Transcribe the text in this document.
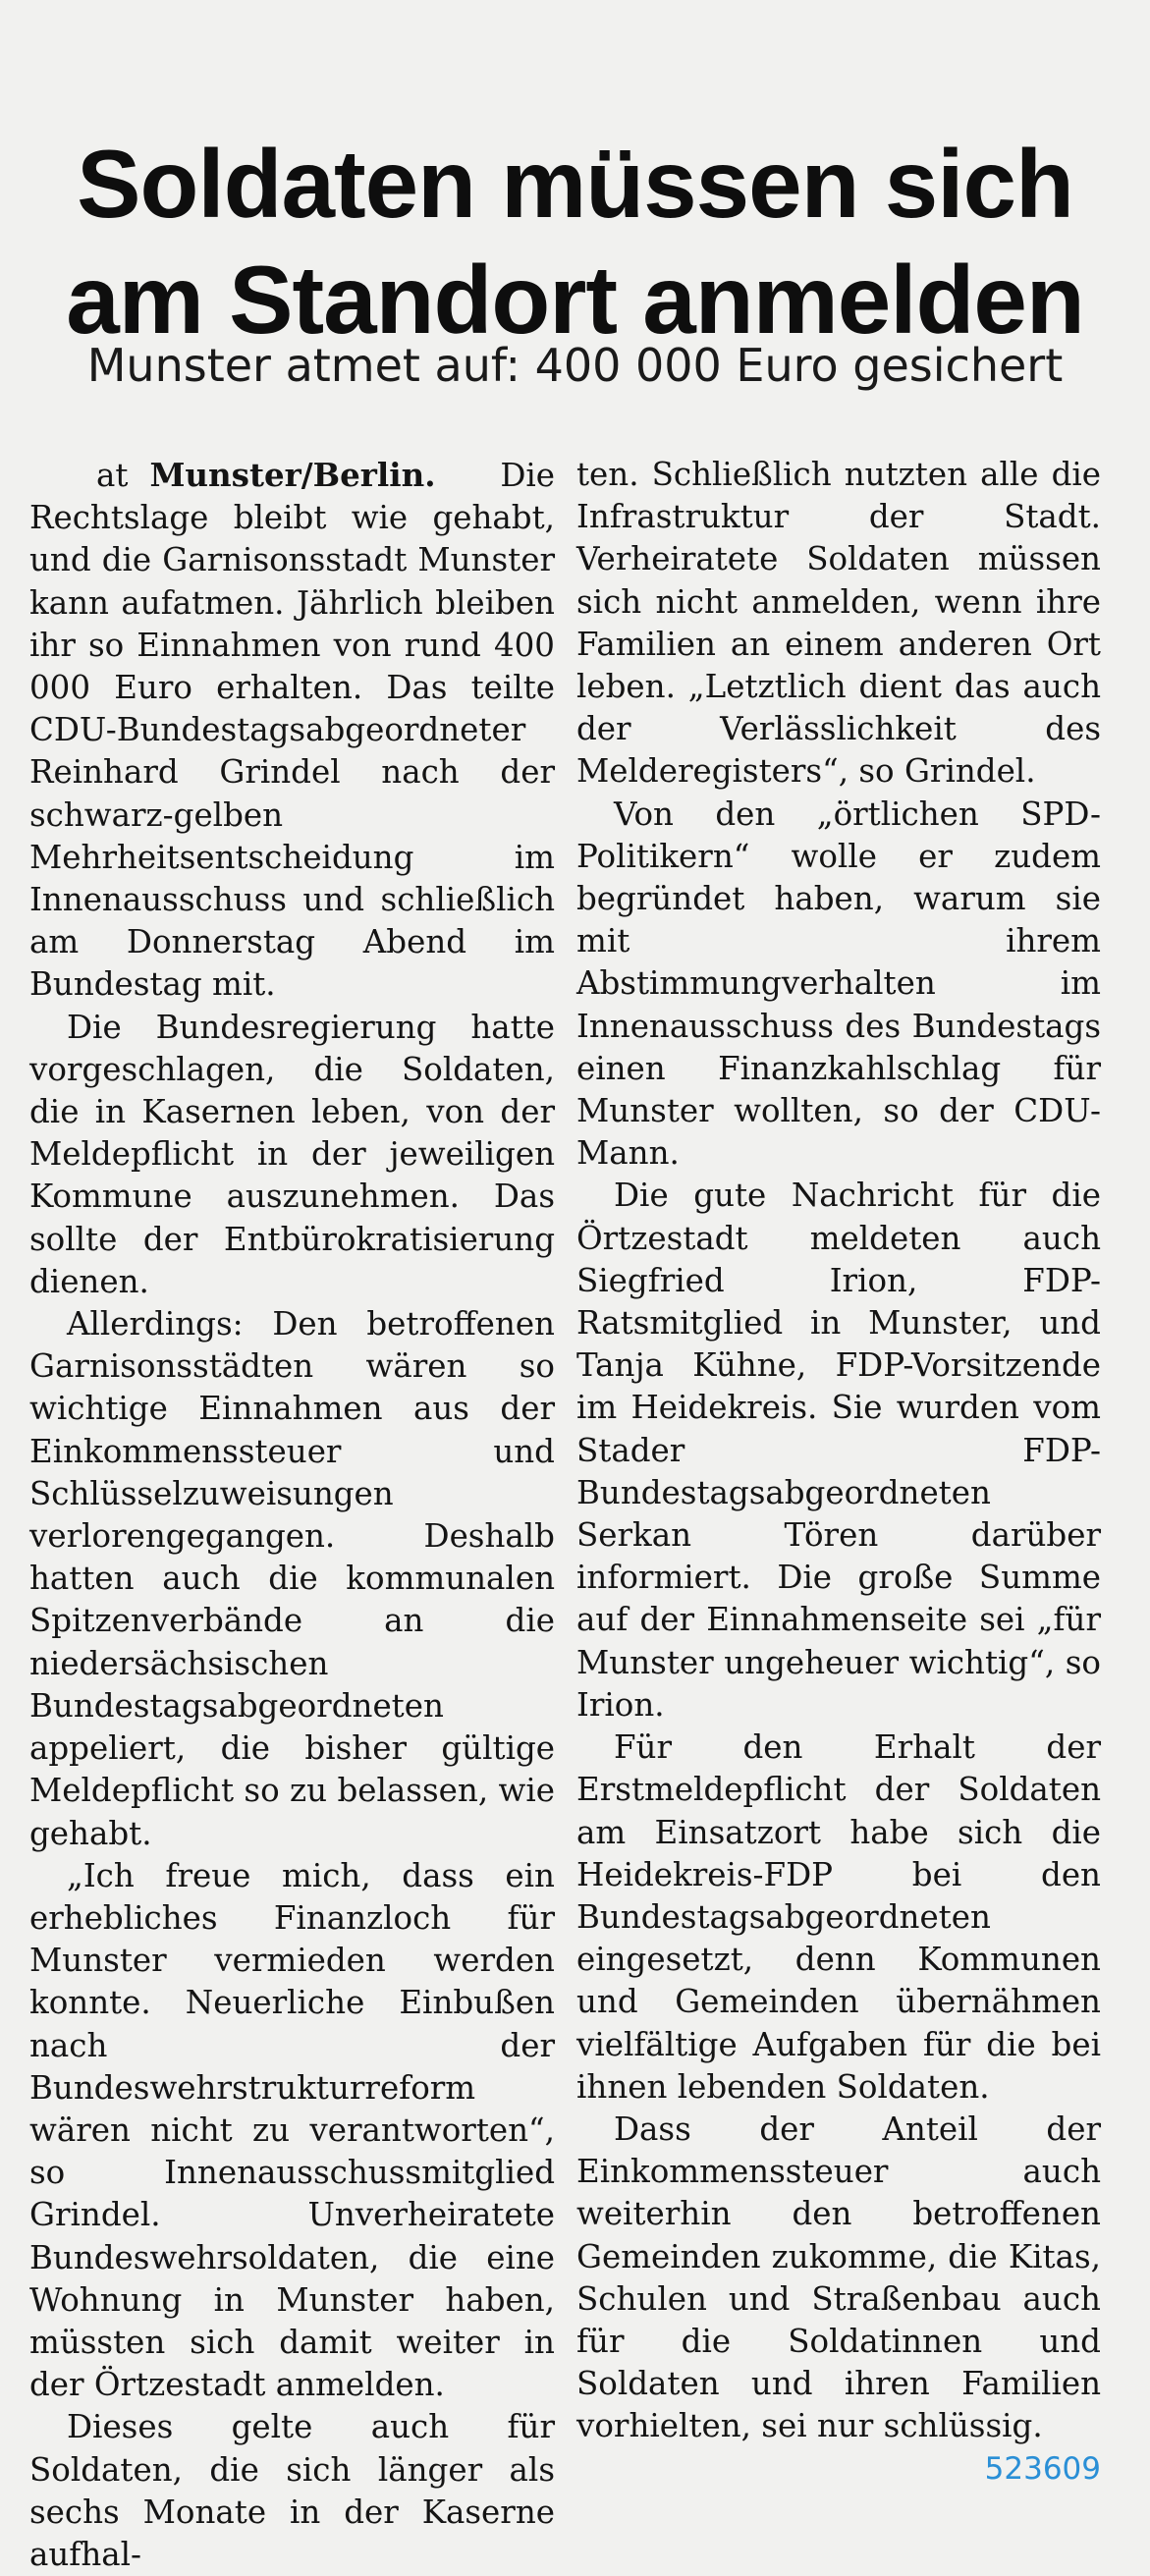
Soldaten müssen sich
am Standort anmelden
Munster atmet auf: 400 000 Euro gesichert

at Munster/Berlin. Die Rechtslage bleibt wie gehabt, und die Garnisonsstadt Munster kann aufatmen. Jährlich bleiben ihr so Einnahmen von rund 400 000 Euro erhalten. Das teilte CDU-Bundestagsabgeordneter Reinhard Grindel nach der schwarz-gelben Mehrheitsentscheidung im Innenausschuss und schließlich am Donnerstag Abend im Bundestag mit.

Die Bundesregierung hatte vorgeschlagen, die Soldaten, die in Kasernen leben, von der Meldepflicht in der jeweiligen Kommune auszunehmen. Das sollte der Entbürokratisierung dienen.

Allerdings: Den betroffenen Garnisonsstädten wären so wichtige Einnahmen aus der Einkommenssteuer und Schlüsselzuweisungen verlorengegangen. Deshalb hatten auch die kommunalen Spitzenverbände an die niedersächsischen Bundestagsabgeordneten appeliert, die bisher gültige Meldepflicht so zu belassen, wie gehabt.

„Ich freue mich, dass ein erhebliches Finanzloch für Munster vermieden werden konnte. Neuerliche Einbußen nach der Bundeswehrstrukturreform wären nicht zu verantworten“, so Innenausschussmitglied Grindel. Unverheiratete Bundeswehrsoldaten, die eine Wohnung in Munster haben, müssten sich damit weiter in der Örtzestadt anmelden.

Dieses gelte auch für Soldaten, die sich länger als sechs Monate in der Kaserne aufhal-

ten. Schließlich nutzten alle die Infrastruktur der Stadt. Verheiratete Soldaten müssen sich nicht anmelden, wenn ihre Familien an einem anderen Ort leben. „Letztlich dient das auch der Verlässlichkeit des Melderegisters“, so Grindel.

Von den „örtlichen SPD-Politikern“ wolle er zudem begründet haben, warum sie mit ihrem Abstimmungverhalten im Innenausschuss des Bundestags einen Finanzkahlschlag für Munster wollten, so der CDU-Mann.

Die gute Nachricht für die Örtzestadt meldeten auch Siegfried Irion, FDP-Ratsmitglied in Munster, und Tanja Kühne, FDP-Vorsitzende im Heidekreis. Sie wurden vom Stader FDP-Bundestagsabgeordneten Serkan Tören darüber informiert. Die große Summe auf der Einnahmenseite sei „für Munster ungeheuer wichtig“, so Irion.

Für den Erhalt der Erstmeldepflicht der Soldaten am Einsatzort habe sich die Heidekreis-FDP bei den Bundestagsabgeordneten eingesetzt, denn Kommunen und Gemeinden übernähmen vielfältige Aufgaben für die bei ihnen lebenden Soldaten.

Dass der Anteil der Einkommenssteuer auch weiterhin den betroffenen Gemeinden zukomme, die Kitas, Schulen und Straßenbau auch für die Soldatinnen und Soldaten und ihren Familien vorhielten, sei nur schlüssig.
523609
